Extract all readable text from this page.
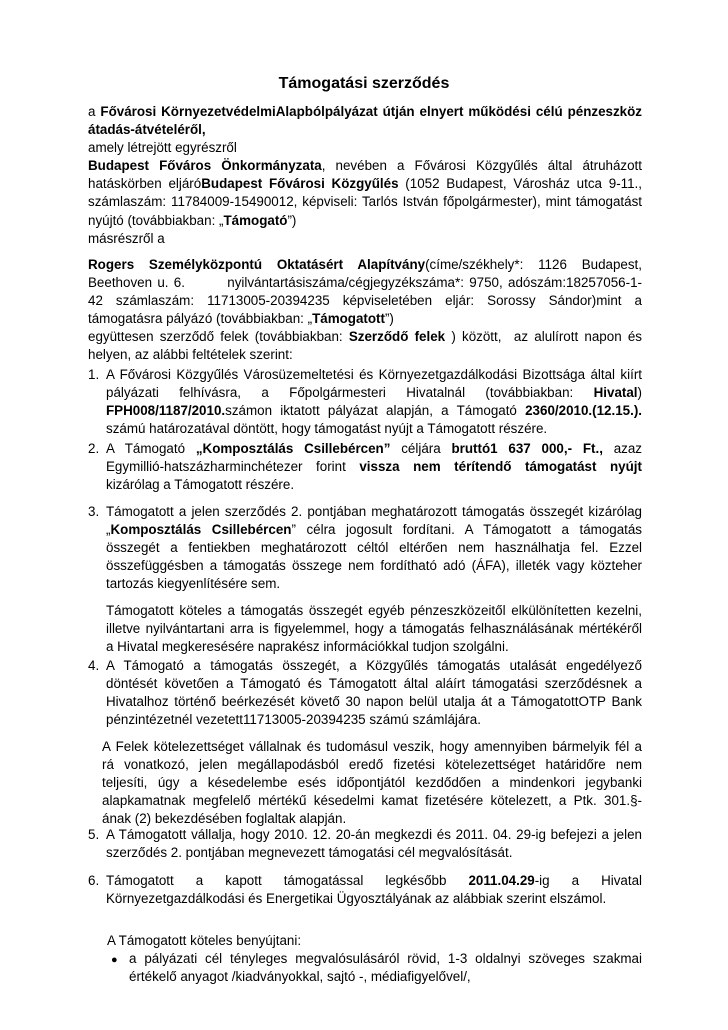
Támogatási szerződés
a Fővárosi KörnyezetvédelmiAlapbólpályázat útján elnyert működési célú pénzeszköz
átadás-átvételéről,
amely létrejött egyrészről
Budapest Főváros Önkormányzata, nevében a Fővárosi Közgyűlés által átruházott
hatáskörben eljáróBudapest Fővárosi Közgyűlés (1052 Budapest, Városház utca 9-11.,
számlaszám: 11784009-15490012, képviseli: Tarlós István főpolgármester), mint támogatást
nyújtó (továbbiakban: „Támogató”)
másrészről a
Rogers Személyközpontú Oktatásért Alapítvány(címe/székhely*: 1126 Budapest,
Beethoven u. 6.        nyilvántartásiszáma/cégjegyzékszáma*: 9750, adószám:18257056-1-
42 számlaszám: 11713005-20394235 képviseletében eljár: Sorossy Sándor)mint a
támogatásra pályázó (továbbiakban: „Támogatott”)
együttesen szerződő felek (továbbiakban: Szerződő felek ) között,  az alulírott napon és
helyen, az alábbi feltételek szerint:
1. A Fővárosi Közgyűlés Városüzemeltetési és Környezetgazdálkodási Bizottsága által kiírt
pályázati felhívásra, a Főpolgármesteri Hivatalnál (továbbiakban: Hivatal)
FPH008/1187/2010.számon iktatott pályázat alapján, a Támogató 2360/2010.(12.15.).
számú határozatával döntött, hogy támogatást nyújt a Támogatott részére.
2. A Támogató „Komposztálás Csillebércen” céljára bruttó1 637 000,- Ft., azaz
Egymillió-hatszázharminchétezer forint vissza nem térítendő támogatást nyújt
kizárólag a Támogatott részére.
3. Támogatott a jelen szerződés 2. pontjában meghatározott támogatás összegét kizárólag
„Komposztálás Csillebércen” célra jogosult fordítani. A Támogatott a támogatás
összegét a fentiekben meghatározott céltól eltérően nem használhatja fel. Ezzel
összefüggésben a támogatás összege nem fordítható adó (ÁFA), illeték vagy közteher
tartozás kiegyenlítésére sem.
Támogatott köteles a támogatás összegét egyéb pénzeszközeitől elkülönítetten kezelni,
illetve nyilvántartani arra is figyelemmel, hogy a támogatás felhasználásának mértékéről
a Hivatal megkeresésére naprakész információkkal tudjon szolgálni.
4. A Támogató a támogatás összegét, a Közgyűlés támogatás utalását engedélyező
döntését követően a Támogató és Támogatott által aláírt támogatási szerződésnek a
Hivatalhoz történő beérkezését követő 30 napon belül utalja át a TámogatottOTP Bank
pénzintézetnél vezetett11713005-20394235 számú számlájára.
A Felek kötelezettséget vállalnak és tudomásul veszik, hogy amennyiben bármelyik fél a
rá vonatkozó, jelen megállapodásból eredő fizetési kötelezettséget határidőre nem
teljesíti, úgy a késedelembe esés időpontjától kezdődően a mindenkori jegybanki
alapkamatnak megfelelő mértékű késedelmi kamat fizetésére kötelezett, a Ptk. 301.§-
ának (2) bekezdésében foglaltak alapján.
5. A Támogatott vállalja, hogy 2010. 12. 20-án megkezdi és 2011. 04. 29-ig befejezi a jelen
szerződés 2. pontjában megnevezett támogatási cél megvalósítását.
6. Támogatott a kapott támogatással legkésőbb 2011.04.29-ig a Hivatal
Környezetgazdálkodási és Energetikai Ügyosztályának az alábbiak szerint elszámol.
A Támogatott köteles benyújtani:
● a pályázati cél tényleges megvalósulásáról rövid, 1-3 oldalnyi szöveges szakmai
értékelő anyagot /kiadványokkal, sajtó -, médiafigyelővel/,
